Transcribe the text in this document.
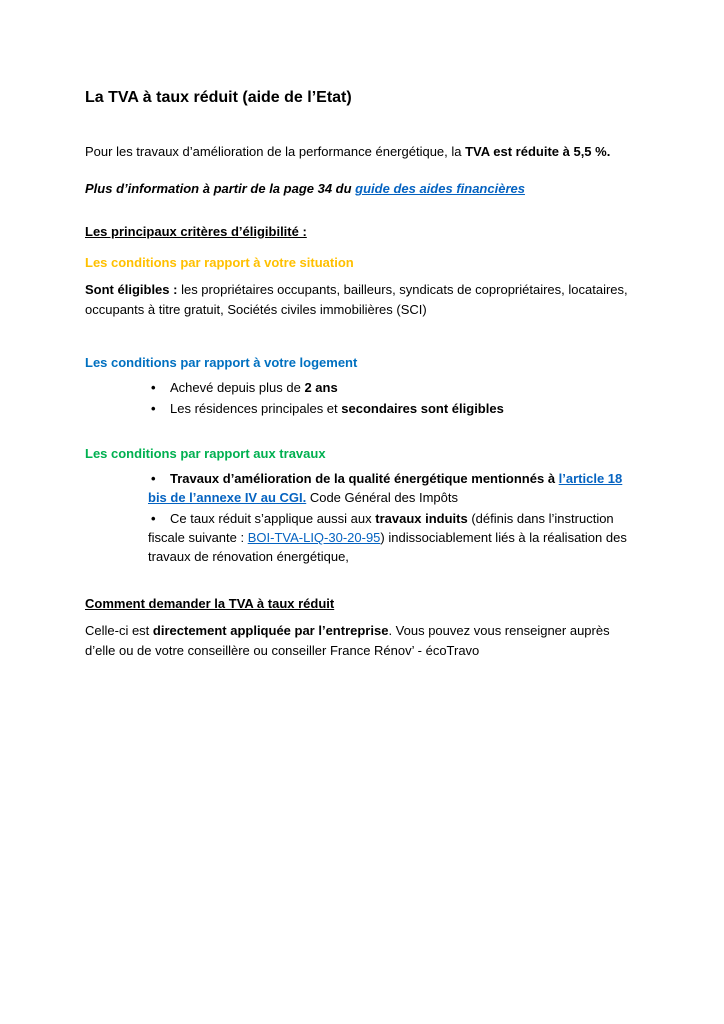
La TVA à taux réduit (aide de l’Etat)

Pour les travaux d’amélioration de la performance énergétique, la TVA est réduite à 5,5 %.

Plus d’information à partir de la page 34 du guide des aides financières

Les principaux critères d’éligibilité :

Les conditions par rapport à votre situation

Sont éligibles : les propriétaires occupants, bailleurs, syndicats de copropriétaires, locataires, occupants à titre gratuit, Sociétés civiles immobilières (SCI)

Les conditions par rapport à votre logement

• Achevé depuis plus de 2 ans
• Les résidences principales et secondaires sont éligibles

Les conditions par rapport aux travaux

• Travaux d’amélioration de la qualité énergétique mentionnés à l’article 18 bis de l’annexe IV au CGI. Code Général des Impôts
• Ce taux réduit s’applique aussi aux travaux induits (définis dans l’instruction fiscale suivante : BOI-TVA-LIQ-30-20-95) indissociablement liés à la réalisation des travaux de rénovation énergétique,

Comment demander la TVA à taux réduit

Celle-ci est directement appliquée par l’entreprise. Vous pouvez vous renseigner auprès d’elle ou de votre conseillère ou conseiller France Rénov’ - écoTravo
